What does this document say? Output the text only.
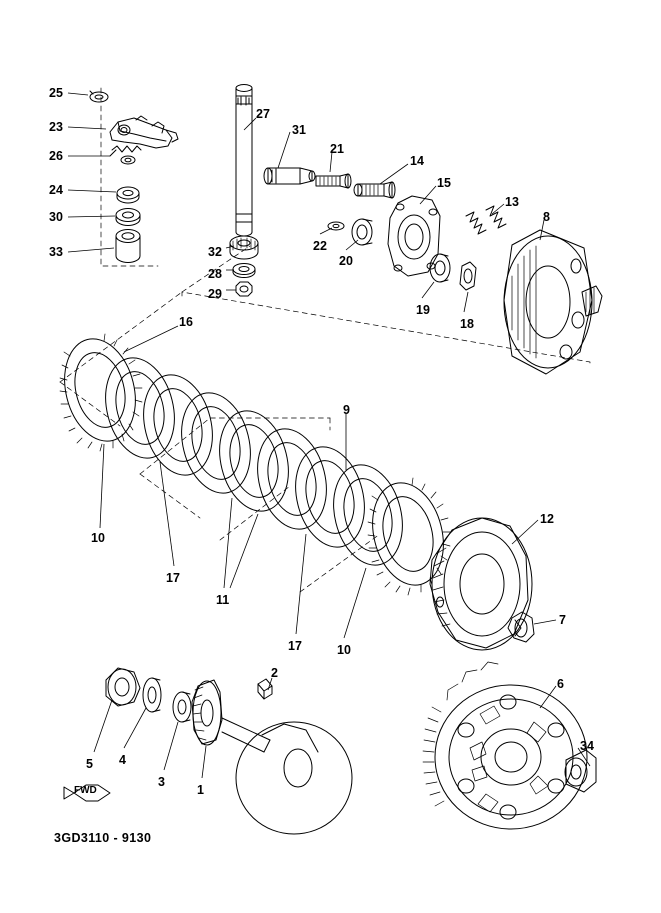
3GD3110 - 9130
FWD
25
23
26
24
30
33
27
31
21
14
15
13
8
22
20
32
28
29
19
18
16
9
10
17
11
17	10
12
7
6
34
5 4
3
1
2
